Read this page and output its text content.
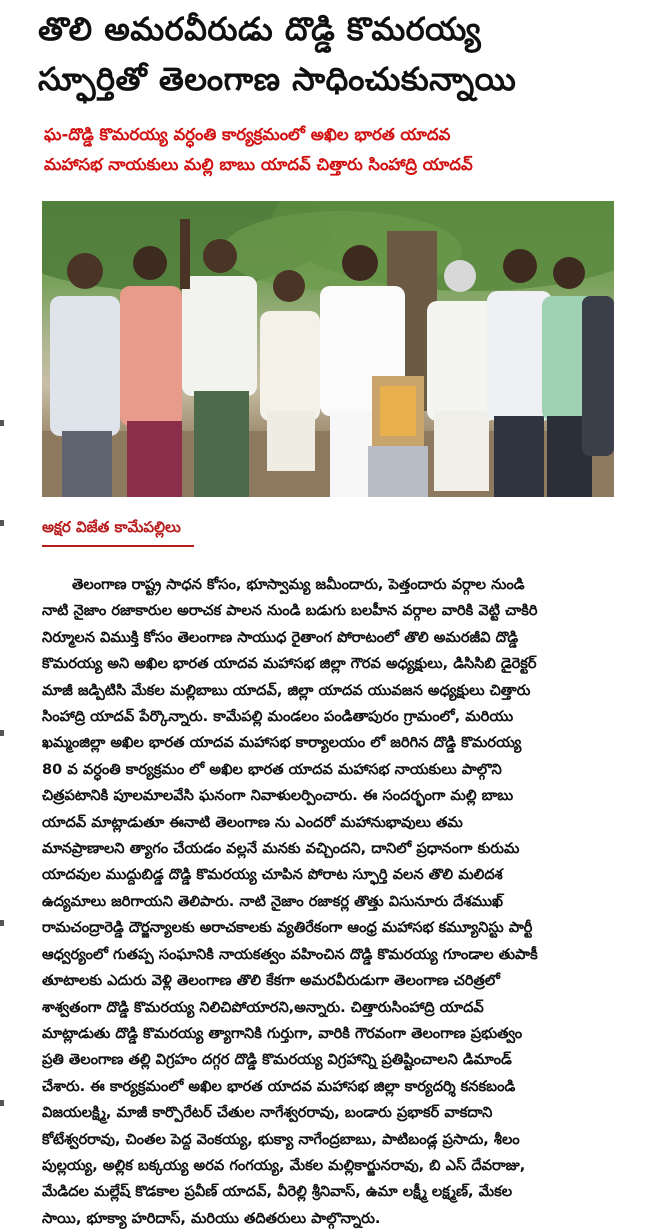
తొలి అమరవీరుడు దొడ్డి కొమరయ్య
స్ఫూర్తితో తెలంగాణ సాధించుకున్నాయి
ఘ-దొడ్డి కొమరయ్య వర్ధంతి కార్యక్రమంలో అఖిల భారత యాదవ
మహాసభ నాయకులు మల్లి బాబు యాదవ్ చిత్తారు సింహాద్రి యాదవ్
అక్షర విజేత కామేపల్లిలు
తెలంగాణ రాష్ట్ర సాధన కోసం, భూస్వామ్య జమీందారు, పెత్తందారు వర్గాల నుండి
నాటి నైజాం రజాకారుల అరాచక పాలన నుండి బడుగు బలహీన వర్గాల వారికి వెట్టి చాకిరి
నిర్మూలన విముక్తి కోసం తెలంగాణ సాయుధ రైతాంగ పోరాటంలో తొలి అమరజీవి దొడ్డి
కొమరయ్య అని అఖిల భారత యాదవ మహాసభ జిల్లా గౌరవ అధ్యక్షులు, డిసిసిబి డైరెక్టర్
మాజీ జడ్పిటిసి మేకల మల్లిబాబు యాదవ్, జిల్లా యాదవ యువజన అధ్యక్షులు చిత్తారు
సింహాద్రి యాదవ్ పేర్కొన్నారు. కామేపల్లి మండలం పండితాపురం గ్రామంలో, మరియు
ఖమ్మంజిల్లా అఖిల భారత యాదవ మహాసభ కార్యాలయం లో జరిగిన దొడ్డి కొమరయ్య
80 వ వర్ధంతి కార్యక్రమం లో అఖిల భారత యాదవ మహాసభ నాయకులు పాల్గొని
చిత్రపటానికి పూలమాలవేసి ఘనంగా నివాళులర్పించారు. ఈ సందర్భంగా మల్లి బాబు
యాదవ్ మాట్లాడుతూ ఈనాటి తెలంగాణ ను ఎందరో మహానుభావులు తమ
మానప్రాణాలని త్యాగం చేయడం వల్లనే మనకు వచ్చిందని, దానిలో ప్రధానంగా కురుమ
యాదవుల ముద్దుబిడ్డ దొడ్డి కొమరయ్య చూపిన పోరాట స్ఫూర్తి వలన తొలి మలిదశ
ఉద్యమాలు జరిగాయని తెలిపారు. నాటి నైజాం రజాకర్ల తొత్తు విసునూరు దేశముఖ్
రామచంద్రారెడ్డి దౌర్జన్యాలకు అరాచకాలకు వ్యతిరేకంగా ఆంధ్ర మహాసభ కమ్యూనిస్టు పార్టీ
ఆధ్వర్యంలో గుతప్ప సంఘానికి నాయకత్వం వహించిన దొడ్డి కొమరయ్య గూండాల తుపాకీ
తూటాలకు ఎదురు వెళ్లి తెలంగాణ తొలి కేకగా అమరవీరుడుగా తెలంగాణ చరిత్రలో
శాశ్వతంగా దొడ్డి కొమరయ్య నిలిచిపోయారని,అన్నారు. చిత్తారుసింహాద్రి యాదవ్
మాట్లాడుతు దొడ్డి కొమరయ్య త్యాగానికి గుర్తుగా, వారికి గౌరవంగా తెలంగాణ ప్రభుత్వం
ప్రతి తెలంగాణ తల్లి విగ్రహం దగ్గర దొడ్డి కొమరయ్య విగ్రహాన్ని ప్రతిష్టించాలని డిమాండ్
చేశారు. ఈ కార్యక్రమంలో అఖిల భారత యాదవ మహాసభ జిల్లా కార్యదర్శి కనకబండి
విజయలక్ష్మి, మాజీ కార్పొరేటర్ చేతుల నాగేశ్వరరావు, బండారు ప్రభాకర్ వాకదాని
కోటేశ్వరరావు, చింతల పెద్ద వెంకయ్య, భుక్యా నాగేంద్రబాబు, పాటిబండ్ల ప్రసాదు, శీలం
పుల్లయ్య, అల్లిక బక్కయ్య అరవ గంగయ్య, మేకల మల్లికార్జునరావు, బి ఎస్ దేవరాజు,
మేడిదల మల్లేష్ కొడకాల ప్రవీణ్ యాదవ్, వీరెల్లి శ్రీనివాస్, ఉమా లక్ష్మీ లక్ష్మణ్, మేకల
సాయి, భూక్యా హరిదాస్, మరియు తదితరులు పాల్గొన్నారు.
